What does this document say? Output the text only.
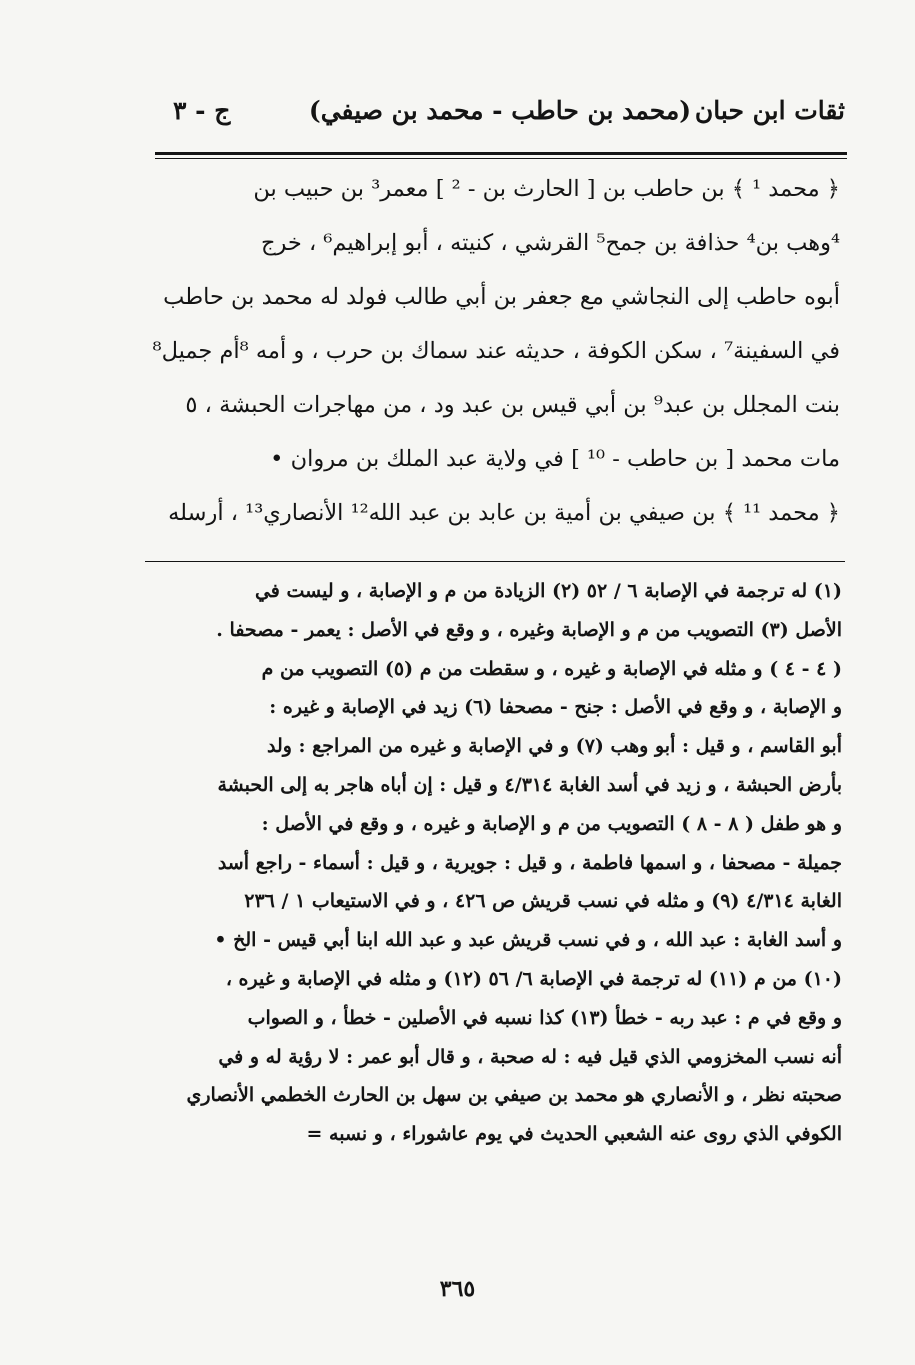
ثقات ابن حبان
(محمد بن حاطب - محمد بن صيفي)
ج - ٣
﴿ محمد ¹ ﴾ بن حاطب بن [ الحارث بن - ² ] معمر³ بن حبيب بن
⁴وهب بن⁴ حذافة بن جمح⁵ القرشي ، كنيته ، أبو إبراهيم⁶ ، خرج
أبوه حاطب إلى النجاشي مع جعفر بن أبي طالب فولد له محمد بن حاطب
في السفينة⁷ ، سكن الكوفة ، حديثه عند سماك بن حرب ، و أمه ⁸أم جميل⁸
بنت المجلل بن عبد⁹ بن أبي قيس بن عبد ود ، من مهاجرات الحبشة ، ٥
مات محمد [ بن حاطب - ¹⁰ ] في ولاية عبد الملك بن مروان •
﴿ محمد ¹¹ ﴾ بن صيفي بن أمية بن عابد بن عبد الله¹² الأنصاري¹³ ، أرسله
(١) له ترجمة في الإصابة ٦ / ٥٢ (٢) الزيادة من م و الإصابة ، و ليست في
الأصل (٣) التصويب من م و الإصابة وغيره ، و وقع في الأصل : يعمر - مصحفا .
( ٤ - ٤ ) و مثله في الإصابة و غيره ، و سقطت من م (٥) التصويب من م
و الإصابة ، و وقع في الأصل : جنح - مصحفا (٦) زيد في الإصابة و غيره :
أبو القاسم ، و قيل : أبو وهب (٧) و في الإصابة و غيره من المراجع : ولد
بأرض الحبشة ، و زيد في أسد الغابة ٤/٣١٤ و قيل : إن أباه هاجر به إلى الحبشة
و هو طفل ( ٨ - ٨ ) التصويب من م و الإصابة و غيره ، و وقع في الأصل :
جميلة - مصحفا ، و اسمها فاطمة ، و قيل : جويرية ، و قيل : أسماء - راجع أسد
الغابة ٤/٣١٤ (٩) و مثله في نسب قريش ص ٤٢٦ ، و في الاستيعاب ١ / ٢٣٦
و أسد الغابة : عبد الله ، و في نسب قريش عبد و عبد الله ابنا أبي قيس - الخ •
(١٠) من م (١١) له ترجمة في الإصابة ٦/ ٥٦ (١٢) و مثله في الإصابة و غيره ،
و وقع في م : عبد ربه - خطأ (١٣) كذا نسبه في الأصلين - خطأ ، و الصواب
أنه نسب المخزومي الذي قيل فيه : له صحبة ، و قال أبو عمر : لا رؤية له و في
صحبته نظر ، و الأنصاري هو محمد بن صيفي بن سهل بن الحارث الخطمي الأنصاري
الكوفي الذي روى عنه الشعبي الحديث في يوم عاشوراء ، و نسبه =
٣٦٥
